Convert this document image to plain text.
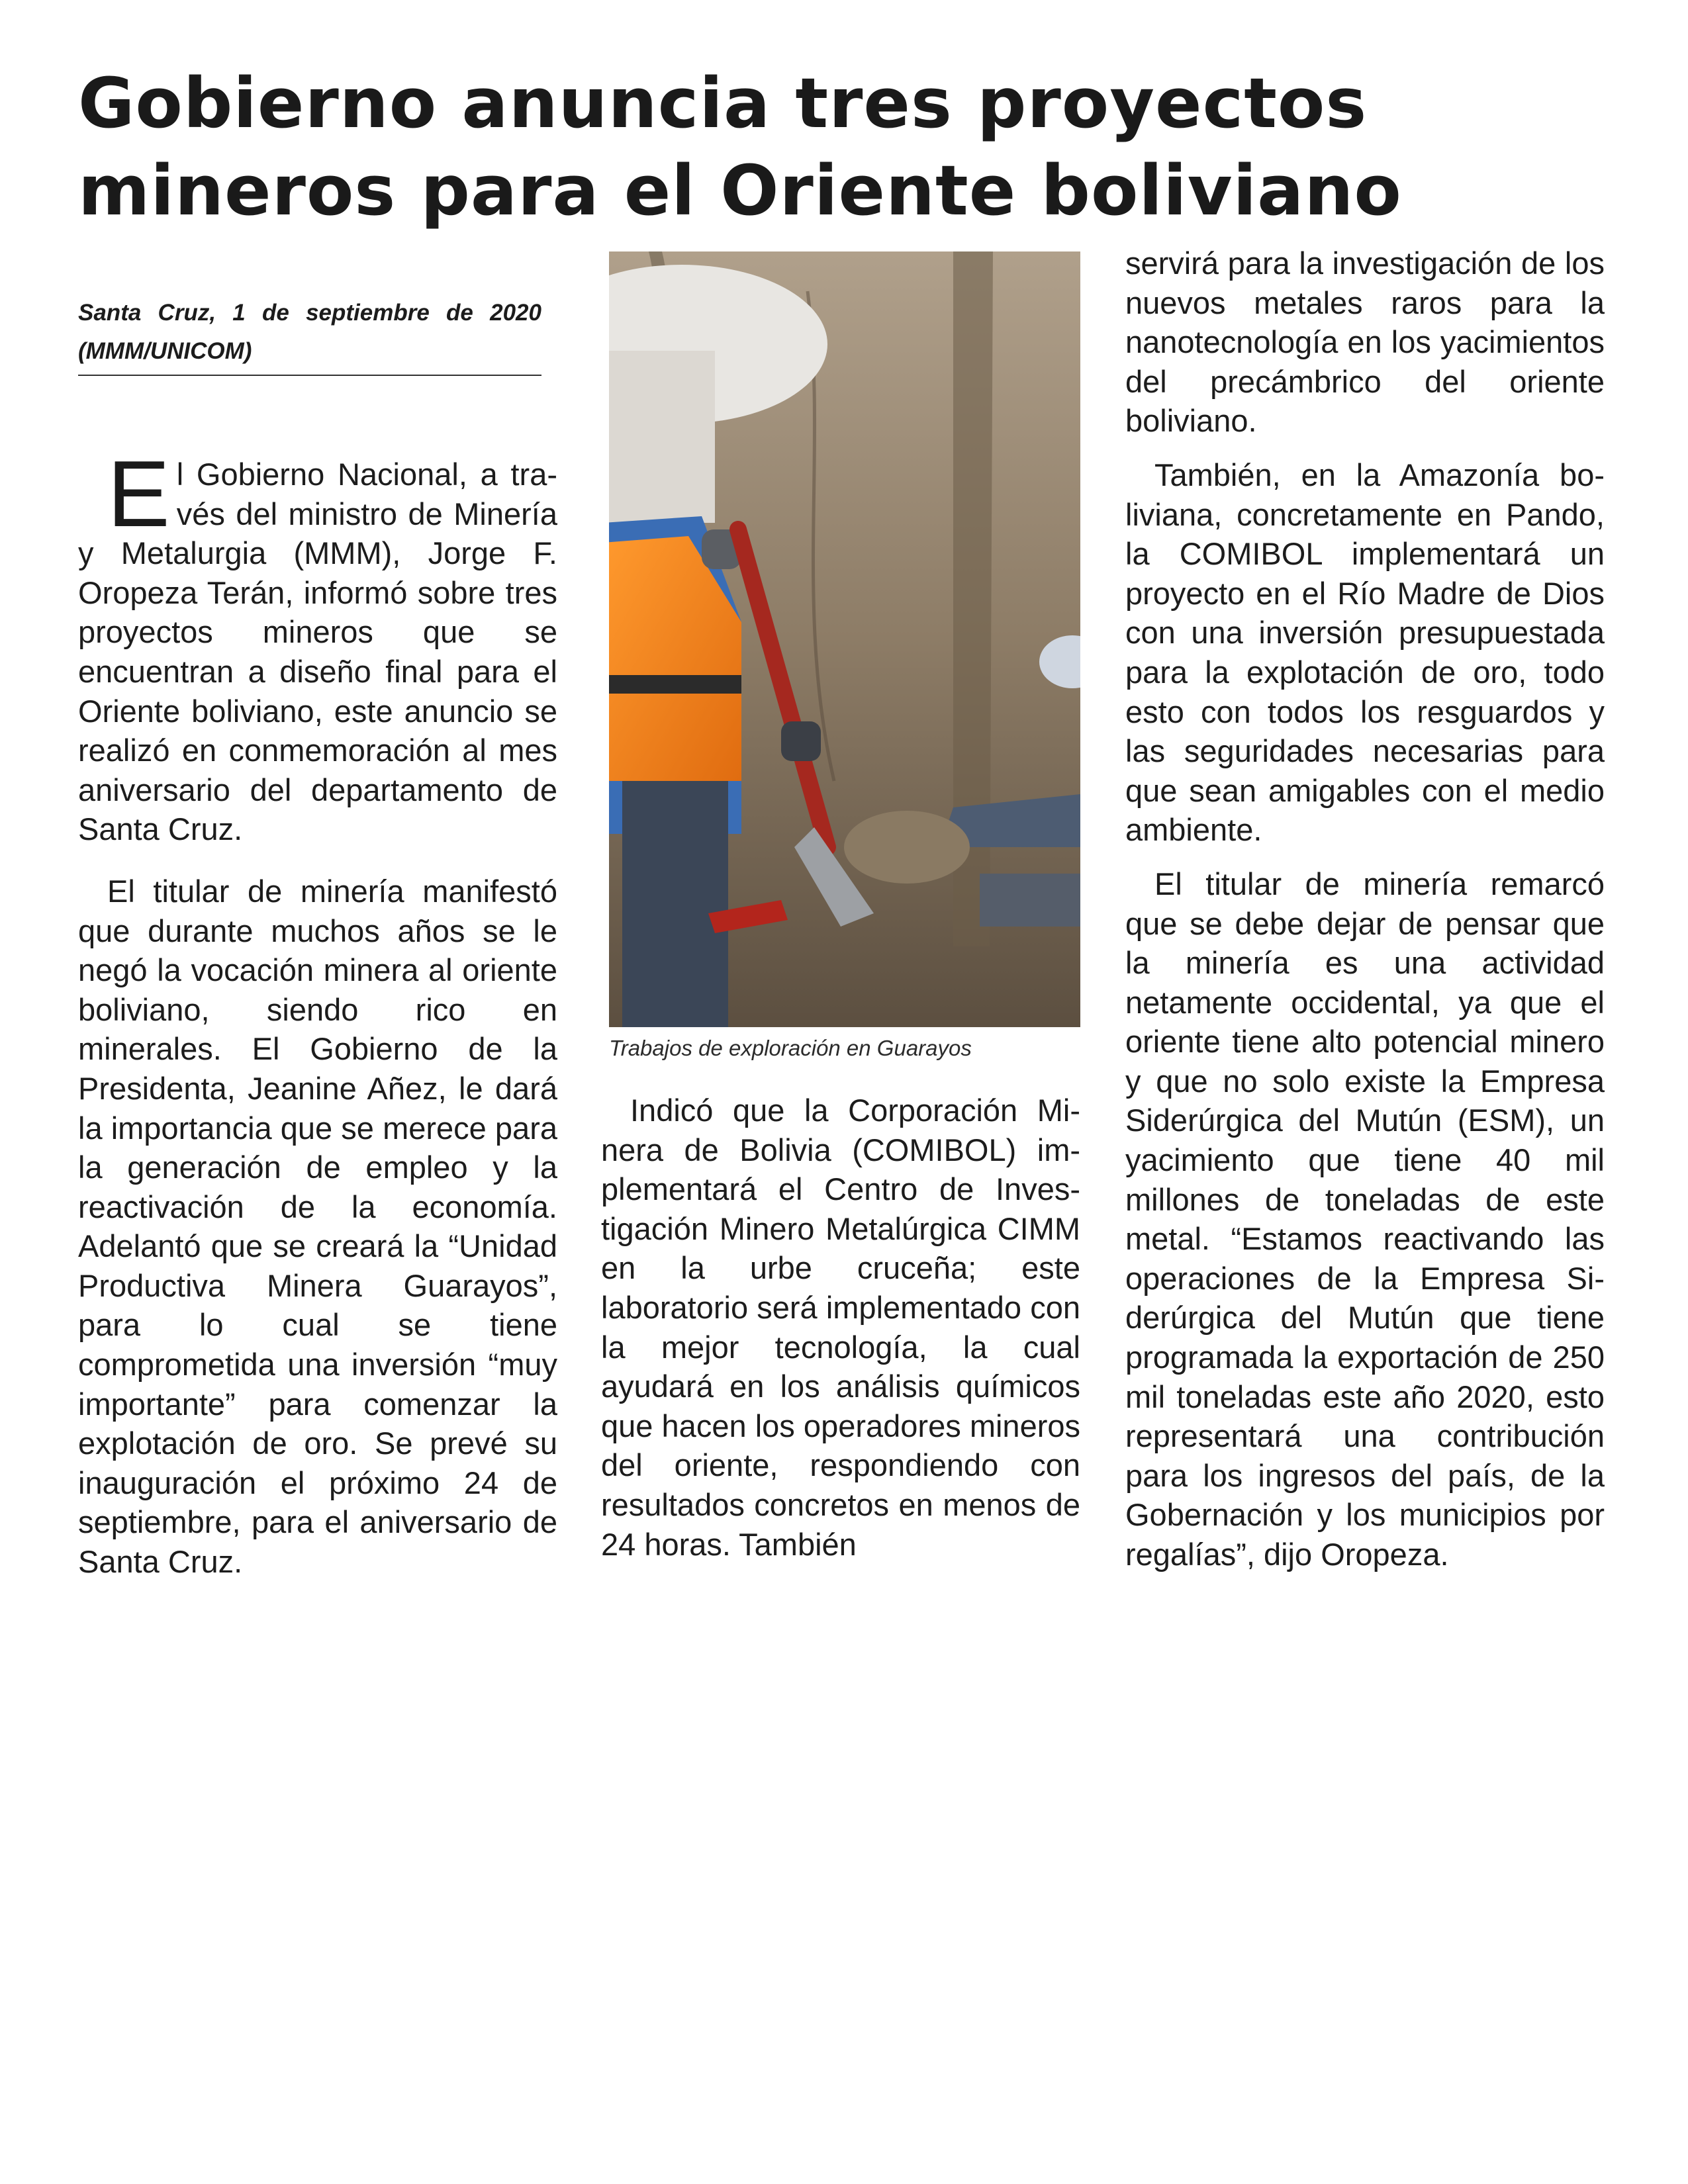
Gobierno anuncia tres proyectos
mineros para el Oriente boliviano
Santa Cruz, 1 de septiembre de 2020
(MMM/UNICOM)

El Gobierno Nacional, a través del ministro de Minería y Metalurgia (MMM), Jorge F. Oropeza Terán, informó sobre tres proyectos mineros que se encuentran a diseño final para el Oriente boliviano, este anuncio se realizó en conmemoración al mes aniversario del departamento de Santa Cruz.

El titular de minería manifestó que durante muchos años se le negó la vocación minera al oriente boliviano, siendo rico en minerales. El Gobierno de la Presidenta, Jeanine Añez, le dará la importancia que se merece para la generación de empleo y la reactivación de la economía. Adelantó que se creará la “Unidad Productiva Minera Guarayos”, para lo cual se tiene comprometida una inversión “muy importante” para comenzar la explotación de oro. Se prevé su inauguración el próximo 24 de septiembre, para el aniversario de Santa Cruz.

Trabajos de exploración en Guarayos

Indicó que la Corporación Minera de Bolivia (COMIBOL) implementará el Centro de Investigación Minero Metalúrgica CIMM en la urbe cruceña; este laboratorio será implementado con la mejor tecnología, la cual ayudará en los análisis químicos que hacen los operadores mineros del oriente, respondiendo con resultados concretos en menos de 24 horas. También

servirá para la investigación de los nuevos metales raros para la nanotecnología en los yacimientos del precámbrico del oriente boliviano.

También, en la Amazonía boliviana, concretamente en Pando, la COMIBOL implementará un proyecto en el Río Madre de Dios con una inversión presupuestada para la explotación de oro, todo esto con todos los resguardos y las seguridades necesarias para que sean amigables con el medio ambiente.

El titular de minería remarcó que se debe dejar de pensar que la minería es una actividad netamente occidental, ya que el oriente tiene alto potencial minero y que no solo existe la Empresa Siderúrgica del Mutún (ESM), un yacimiento que tiene 40 mil millones de toneladas de este metal. “Estamos reactivando las operaciones de la Empresa Siderúrgica del Mutún que tiene programada la exportación de 250 mil toneladas este año 2020, esto representará una contribución para los ingresos del país, de la Gobernación y los municipios por regalías”, dijo Oropeza.
